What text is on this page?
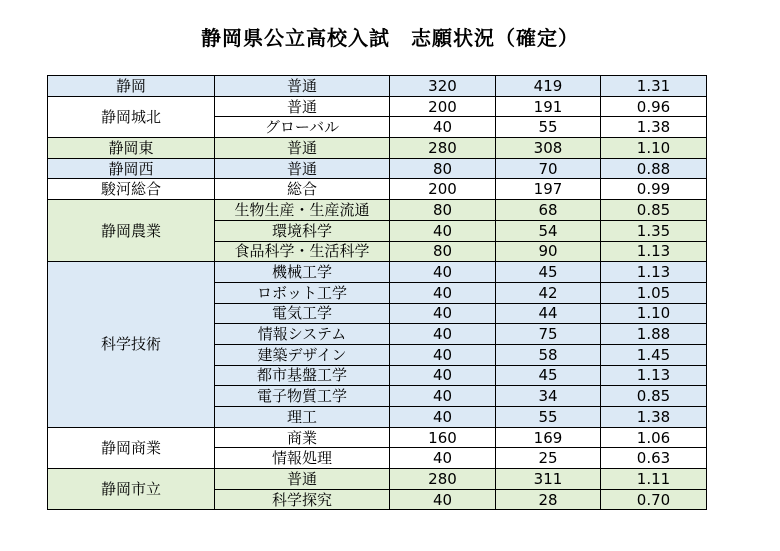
静岡県公立高校入試　志願状況（確定）
静岡	普通	320	419	1.31
静岡城北	普通	200	191	0.96
	グローバル	40	55	1.38
静岡東	普通	280	308	1.10
静岡西	普通	80	70	0.88
駿河総合	総合	200	197	0.99
静岡農業	生物生産・生産流通	80	68	0.85
	環境科学	40	54	1.35
	食品科学・生活科学	80	90	1.13
科学技術	機械工学	40	45	1.13
	ロボット工学	40	42	1.05
	電気工学	40	44	1.10
	情報システム	40	75	1.88
	建築デザイン	40	58	1.45
	都市基盤工学	40	45	1.13
	電子物質工学	40	34	0.85
	理工	40	55	1.38
静岡商業	商業	160	169	1.06
	情報処理	40	25	0.63
静岡市立	普通	280	311	1.11
	科学探究	40	28	0.70
